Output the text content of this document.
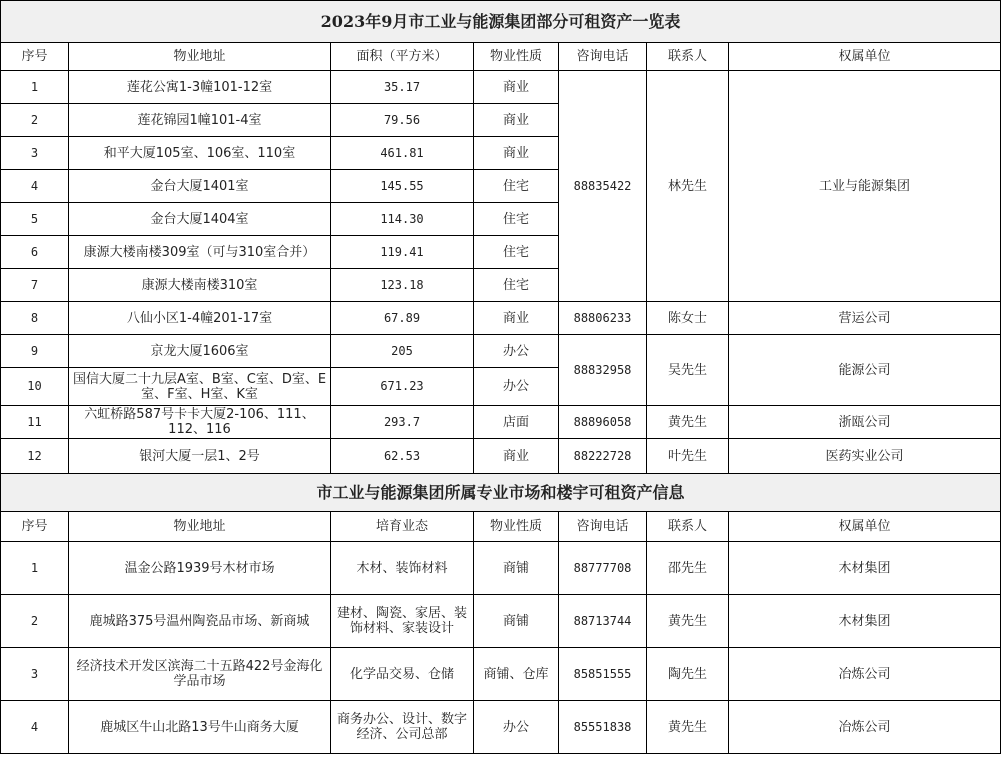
2023年9月市工业与能源集团部分可租资产一览表						
序号	物业地址	面积（平方米）	物业性质	咨询电话	联系人	权属单位
1	莲花公寓1-3幢101-12室	35.17	商业	88835422	林先生	工业与能源集团
2	莲花锦园1幢101-4室	79.56	商业			
3	和平大厦105室、106室、110室	461.81	商业			
4	金台大厦1401室	145.55	住宅			
5	金台大厦1404室	114.30	住宅			
6	康源大楼南楼309室（可与310室合并）	119.41	住宅			
7	康源大楼南楼310室	123.18	住宅			
8	八仙小区1-4幢201-17室	67.89	商业	88806233	陈女士	营运公司
9	京龙大厦1606室	205	办公	88832958	吴先生	能源公司
10	国信大厦二十九层A室、B室、C室、D室、E室、F室、H室、K室	671.23	办公			
11	六虹桥路587号卡卡大厦2-106、111、112、116	293.7	店面	88896058	黄先生	浙瓯公司
12	银河大厦一层1、2号	62.53	商业	88222728	叶先生	医药实业公司
市工业与能源集团所属专业市场和楼宇可租资产信息						
序号	物业地址	培育业态	物业性质	咨询电话	联系人	权属单位
1	温金公路1939号木材市场	木材、装饰材料	商铺	88777708	邵先生	木材集团
2	鹿城路375号温州陶瓷品市场、新商城	建材、陶瓷、家居、装饰材料、家装设计	商铺	88713744	黄先生	木材集团
3	经济技术开发区滨海二十五路422号金海化学品市场	化学品交易、仓储	商铺、仓库	85851555	陶先生	冶炼公司
4	鹿城区牛山北路13号牛山商务大厦	商务办公、设计、数字经济、公司总部	办公	85551838	黄先生	冶炼公司
